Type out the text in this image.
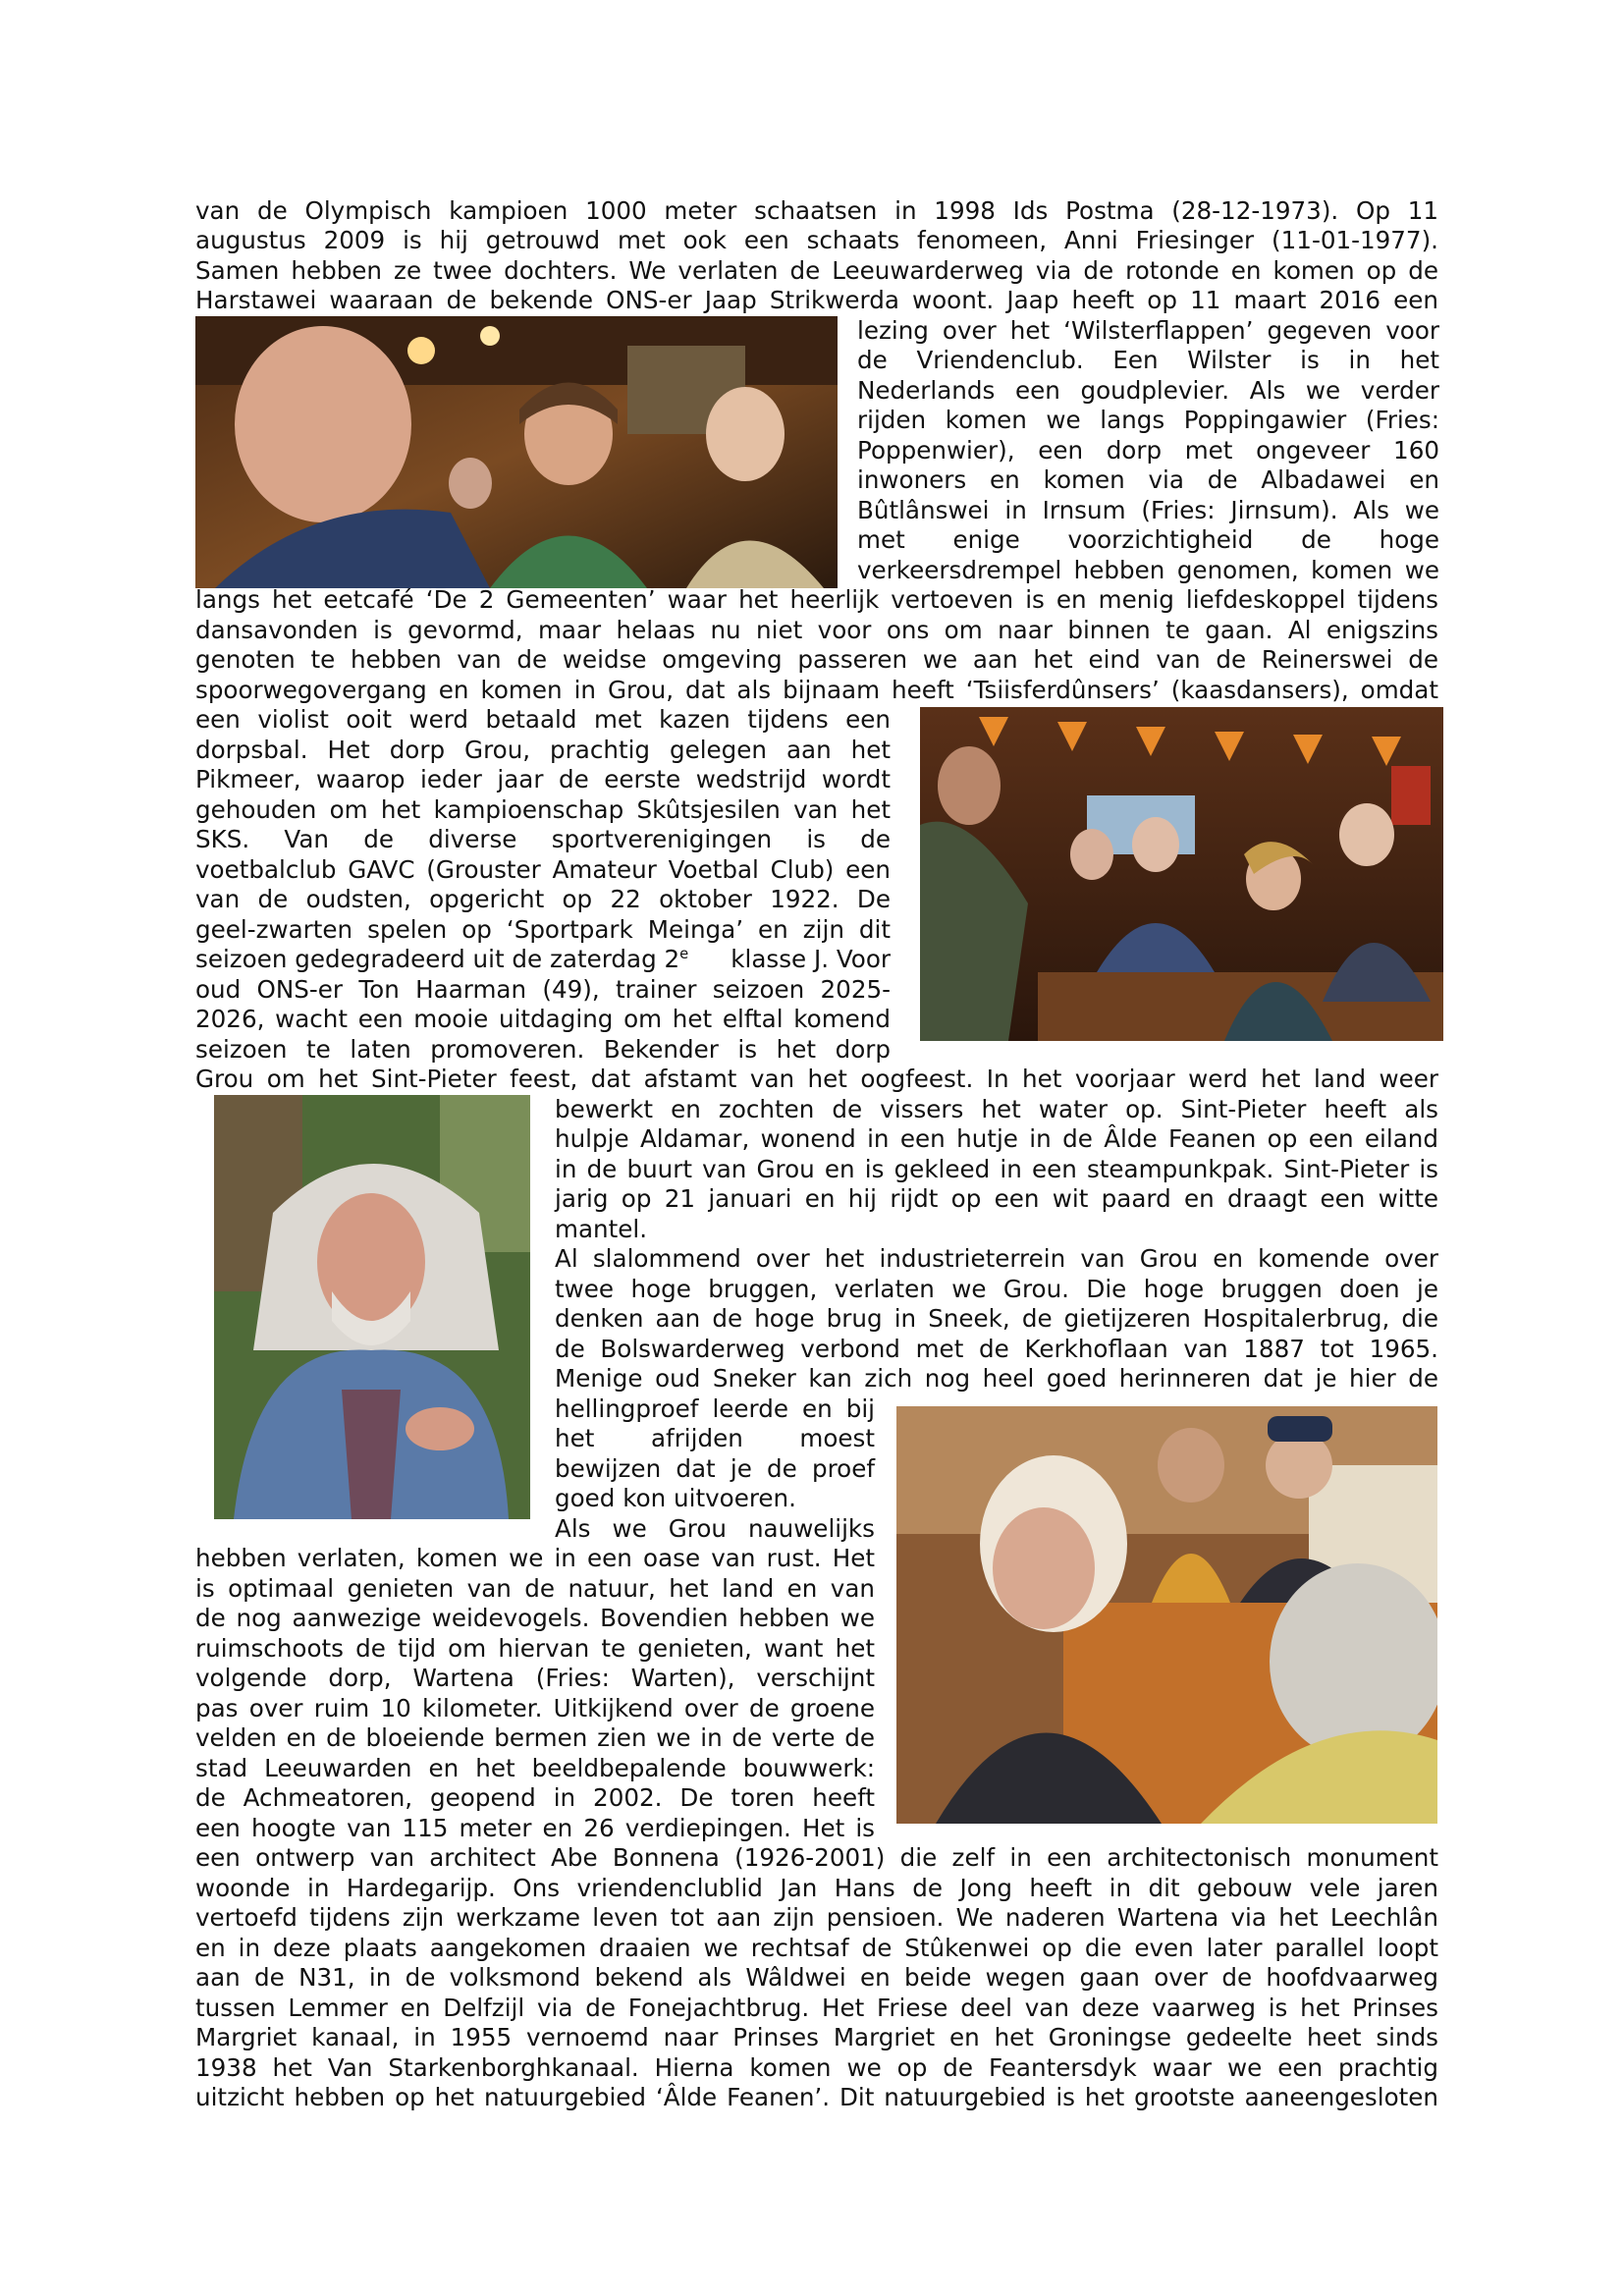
van de Olympisch kampioen 1000 meter schaatsen in 1998 Ids Postma (28-12-1973). Op 11
augustus 2009 is hij getrouwd met ook een schaats fenomeen, Anni Friesinger (11-01-1977).
Samen hebben ze twee dochters. We verlaten de Leeuwarderweg via de rotonde en komen op de
Harstawei waaraan de bekende ONS-er Jaap Strikwerda woont. Jaap heeft op 11 maart 2016 een
lezing over het ‘Wilsterflappen’ gegeven voor
de Vriendenclub. Een Wilster is in het
Nederlands een goudplevier. Als we verder
rijden komen we langs Poppingawier (Fries:
Poppenwier), een dorp met ongeveer 160
inwoners en komen via de Albadawei en
Bûtlânswei in Irnsum (Fries: Jirnsum). Als we
met enige voorzichtigheid de hoge
verkeersdrempel hebben genomen, komen we
langs het eetcafé ‘De 2 Gemeenten’ waar het heerlijk vertoeven is en menig liefdeskoppel tijdens
dansavonden is gevormd, maar helaas nu niet voor ons om naar binnen te gaan. Al enigszins
genoten te hebben van de weidse omgeving passeren we aan het eind van de Reinerswei de
spoorwegovergang en komen in Grou, dat als bijnaam heeft ‘Tsiisferdûnsers’ (kaasdansers), omdat
een violist ooit werd betaald met kazen tijdens een
dorpsbal. Het dorp Grou, prachtig gelegen aan het
Pikmeer, waarop ieder jaar de eerste wedstrijd wordt
gehouden om het kampioenschap Skûtsjesilen van het
SKS. Van de diverse sportverenigingen is de
voetbalclub GAVC (Grouster Amateur Voetbal Club) een
van de oudsten, opgericht op 22 oktober 1922. De
geel-zwarten spelen op ‘Sportpark Meinga’ en zijn dit
seizoen gedegradeerd uit de zaterdag 2e klasse J. Voor
oud ONS-er Ton Haarman (49), trainer seizoen 2025-
2026, wacht een mooie uitdaging om het elftal komend
seizoen te laten promoveren. Bekender is het dorp
Grou om het Sint-Pieter feest, dat afstamt van het oogfeest. In het voorjaar werd het land weer
bewerkt en zochten de vissers het water op. Sint-Pieter heeft als
hulpje Aldamar, wonend in een hutje in de Âlde Feanen op een eiland
in de buurt van Grou en is gekleed in een steampunkpak. Sint-Pieter is
jarig op 21 januari en hij rijdt op een wit paard en draagt een witte
mantel.
Al slalommend over het industrieterrein van Grou en komende over
twee hoge bruggen, verlaten we Grou. Die hoge bruggen doen je
denken aan de hoge brug in Sneek, de gietijzeren Hospitalerbrug, die
de Bolswarderweg verbond met de Kerkhoflaan van 1887 tot 1965.
Menige oud Sneker kan zich nog heel goed herinneren dat je hier de
hellingproef leerde en bij
het afrijden moest
bewijzen dat je de proef
goed kon uitvoeren.
Als we Grou nauwelijks
hebben verlaten, komen we in een oase van rust. Het
is optimaal genieten van de natuur, het land en van
de nog aanwezige weidevogels. Bovendien hebben we
ruimschoots de tijd om hiervan te genieten, want het
volgende dorp, Wartena (Fries: Warten), verschijnt
pas over ruim 10 kilometer. Uitkijkend over de groene
velden en de bloeiende bermen zien we in de verte de
stad Leeuwarden en het beeldbepalende bouwwerk:
de Achmeatoren, geopend in 2002. De toren heeft
een hoogte van 115 meter en 26 verdiepingen. Het is
een ontwerp van architect Abe Bonnena (1926-2001) die zelf in een architectonisch monument
woonde in Hardegarijp. Ons vriendenclublid Jan Hans de Jong heeft in dit gebouw vele jaren
vertoefd tijdens zijn werkzame leven tot aan zijn pensioen. We naderen Wartena via het Leechlân
en in deze plaats aangekomen draaien we rechtsaf de Stûkenwei op die even later parallel loopt
aan de N31, in de volksmond bekend als Wâldwei en beide wegen gaan over de hoofdvaarweg
tussen Lemmer en Delfzijl via de Fonejachtbrug. Het Friese deel van deze vaarweg is het Prinses
Margriet kanaal, in 1955 vernoemd naar Prinses Margriet en het Groningse gedeelte heet sinds
1938 het Van Starkenborghkanaal. Hierna komen we op de Feantersdyk waar we een prachtig
uitzicht hebben op het natuurgebied ‘Âlde Feanen’. Dit natuurgebied is het grootste aaneengesloten
